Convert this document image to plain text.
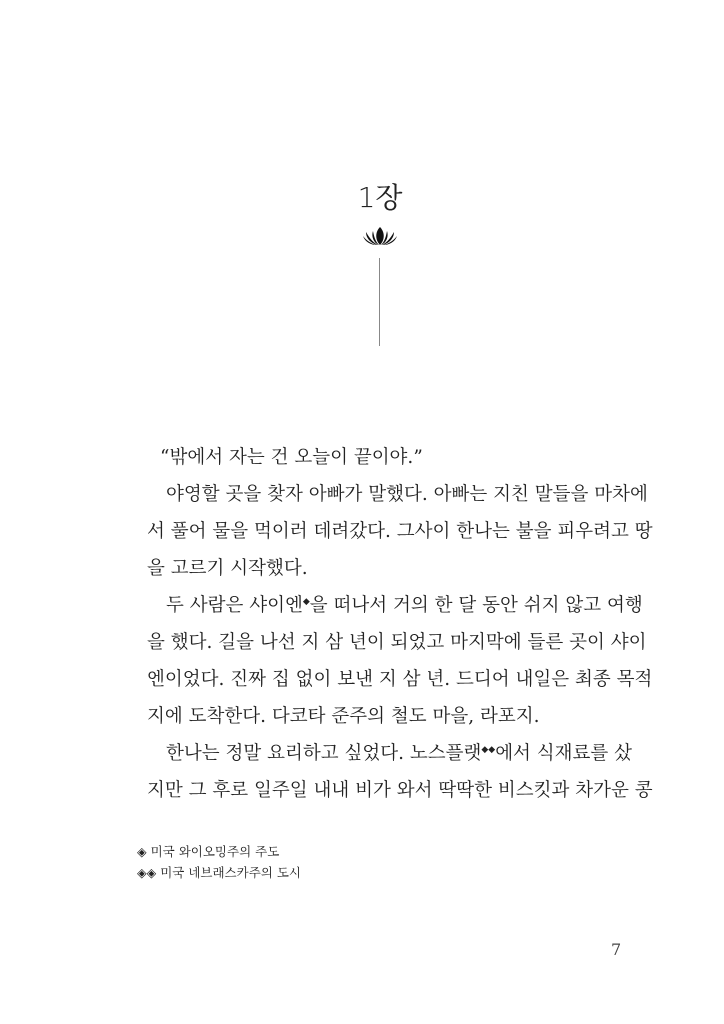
1장
“밖에서 자는 건 오늘이 끝이야.”
야영할 곳을 찾자 아빠가 말했다. 아빠는 지친 말들을 마차에
서 풀어 물을 먹이러 데려갔다. 그사이 한나는 불을 피우려고 땅
을 고르기 시작했다.
두 사람은 샤이엔◆을 떠나서 거의 한 달 동안 쉬지 않고 여행
을 했다. 길을 나선 지 삼 년이 되었고 마지막에 들른 곳이 샤이
엔이었다. 진짜 집 없이 보낸 지 삼 년. 드디어 내일은 최종 목적
지에 도착한다. 다코타 준주의 철도 마을, 라포지.
한나는 정말 요리하고 싶었다. 노스플랫◆◆에서 식재료를 샀
지만 그 후로 일주일 내내 비가 와서 딱딱한 비스킷과 차가운 콩
◈ 미국 와이오밍주의 주도
◈◈ 미국 네브래스카주의 도시
7
